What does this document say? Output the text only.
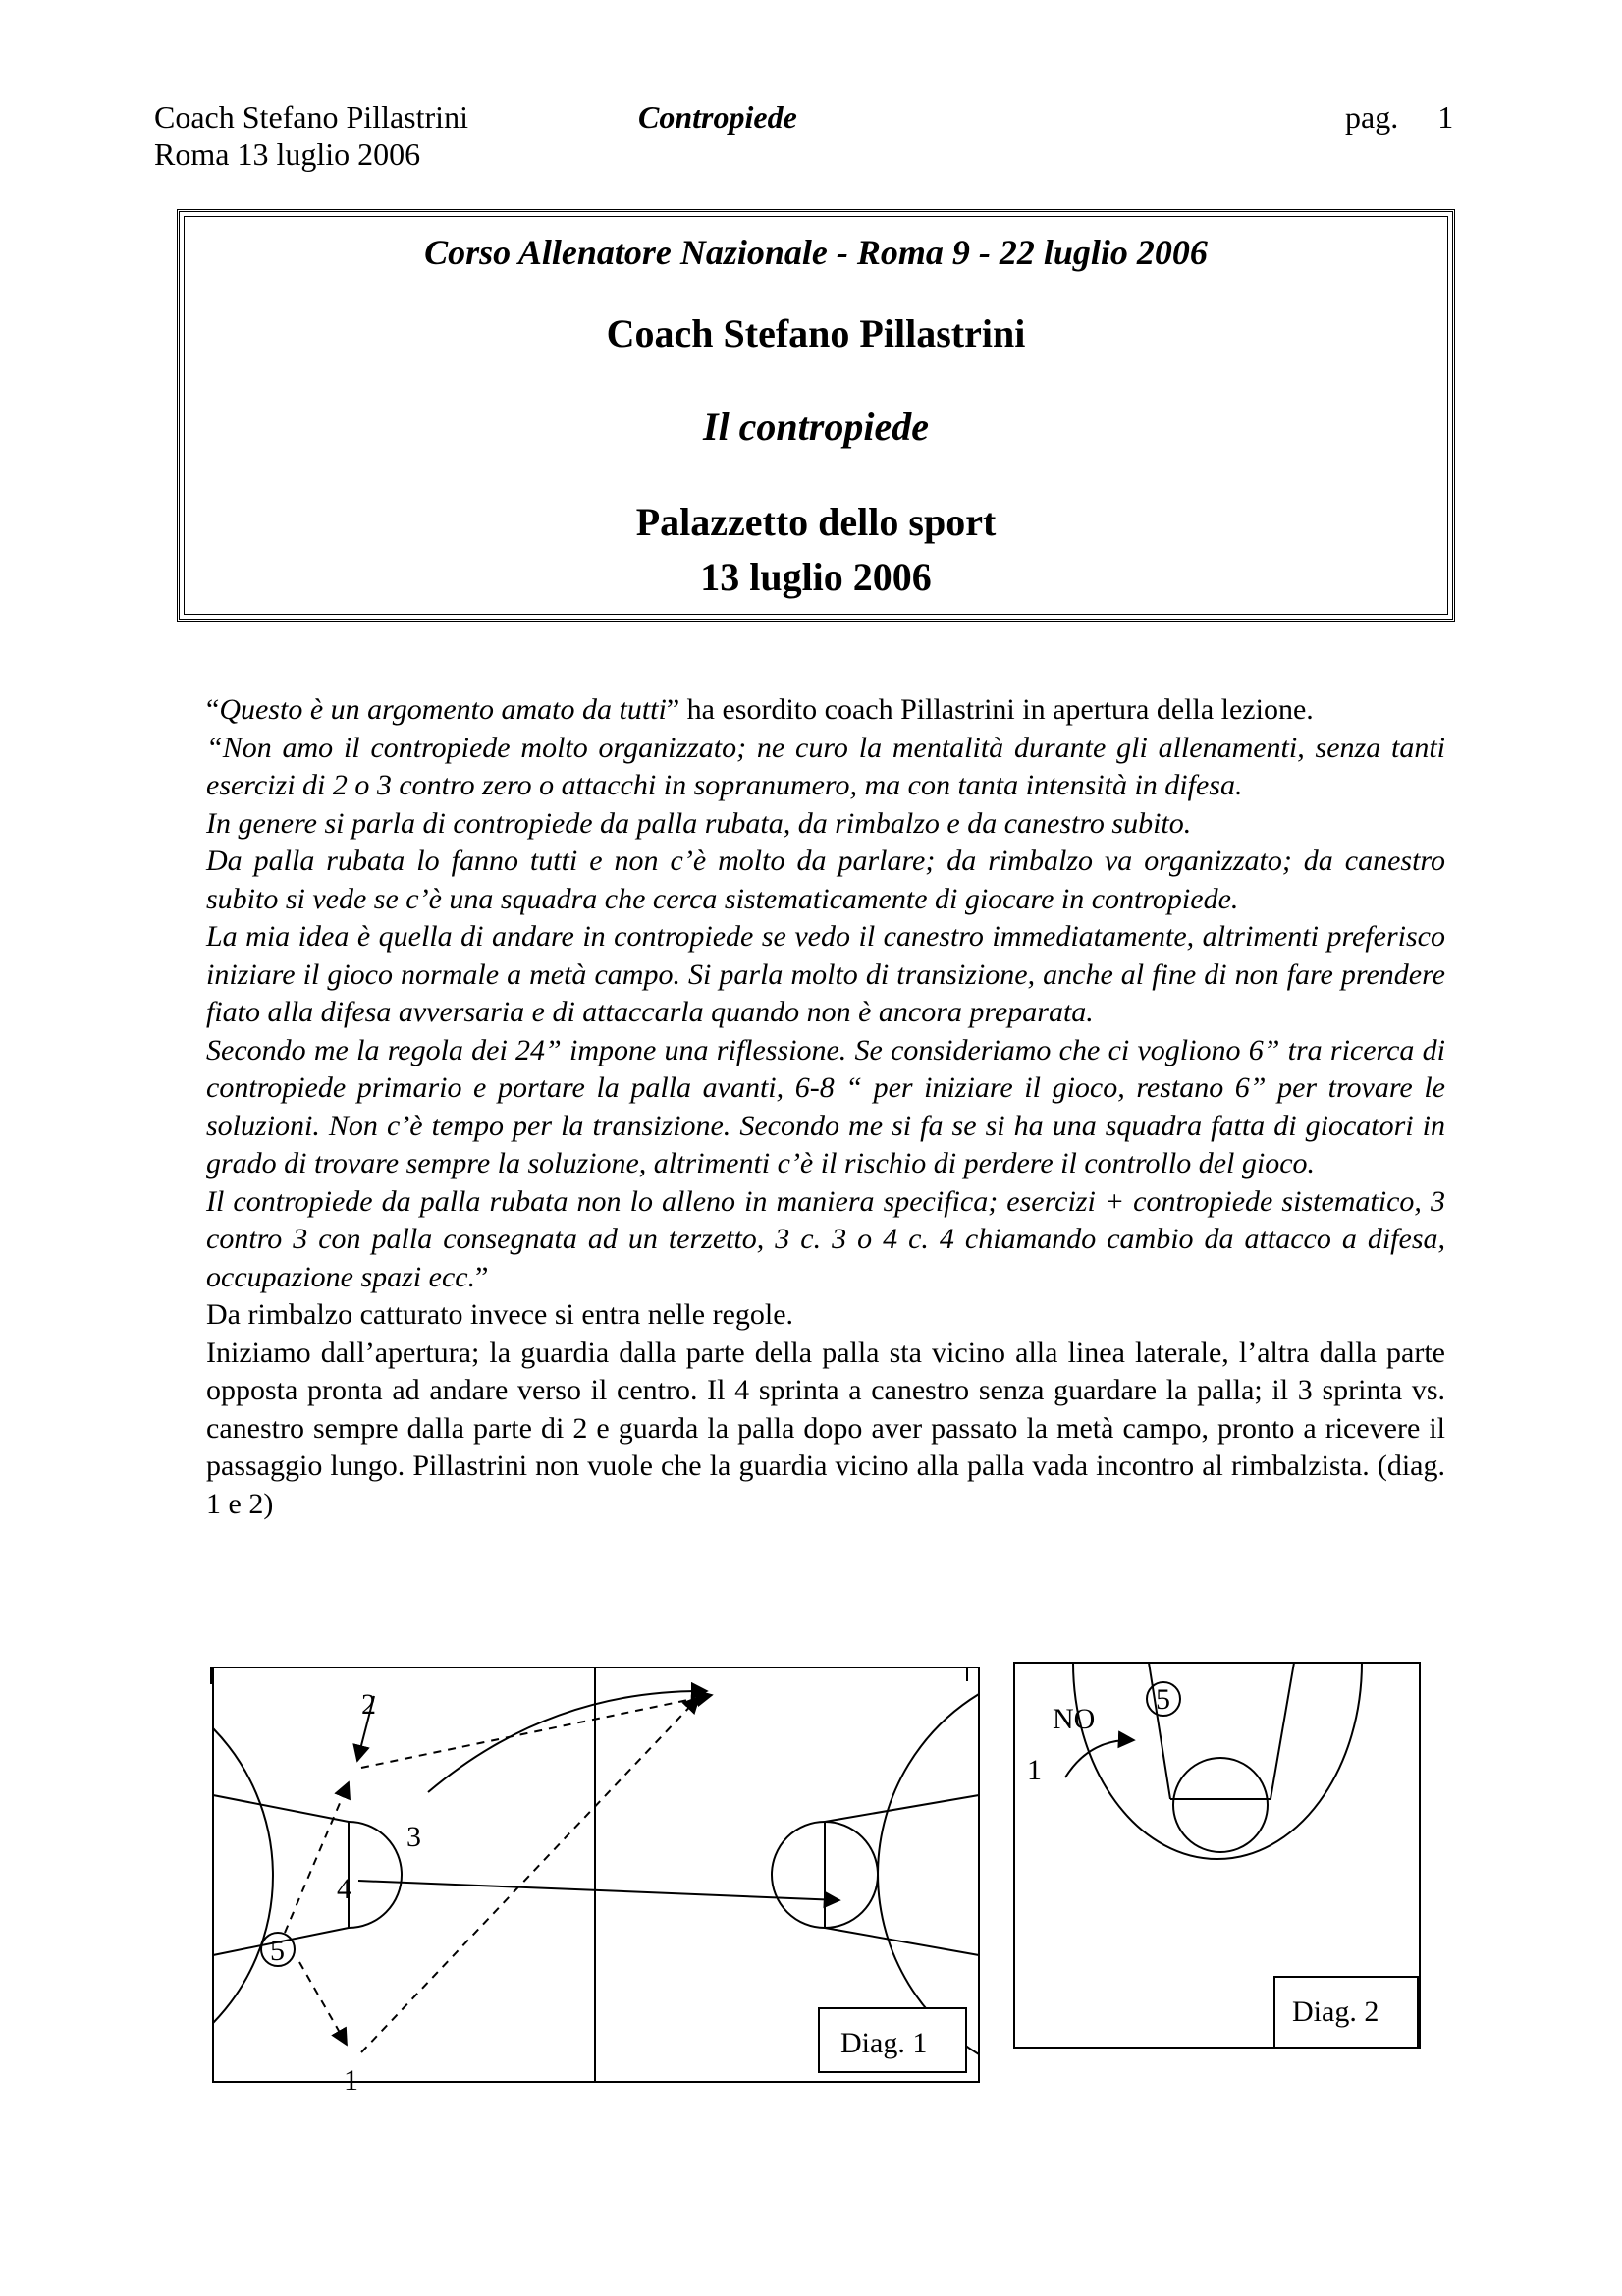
Coach Stefano Pillastrini
Roma 13 luglio 2006
Contropiede	pag. 1
Corso Allenatore Nazionale - Roma 9 - 22 luglio 2006
Coach Stefano Pillastrini
Il contropiede
Palazzetto dello sport
13 luglio 2006

“Questo è un argomento amato da tutti” ha esordito coach Pillastrini in apertura della lezione.

“Non amo il contropiede molto organizzato; ne curo la mentalità durante gli allenamenti, senza tanti esercizi di 2 o 3 contro zero o attacchi in sopranumero, ma con tanta intensità in difesa.

In genere si parla di contropiede da palla rubata, da rimbalzo e da canestro subito.

Da palla rubata lo fanno tutti e non c’è molto da parlare; da rimbalzo va organizzato; da canestro subito si vede se c’è una squadra che cerca sistematicamente di giocare in contropiede.

La mia idea è quella di andare in contropiede se vedo il canestro immediatamente, altrimenti preferisco iniziare il gioco normale a metà campo. Si parla molto di transizione, anche al fine di non fare prendere fiato alla difesa avversaria e di attaccarla quando non è ancora preparata.

Secondo me la regola dei 24” impone una riflessione. Se consideriamo che ci vogliono 6” tra ricerca di contropiede primario e portare la palla avanti, 6-8 “ per iniziare il gioco, restano 6” per trovare le soluzioni. Non c’è tempo per la transizione. Secondo me si fa se si ha una squadra fatta di giocatori in grado di trovare sempre la soluzione, altrimenti c’è il rischio di perdere il controllo del gioco.

Il contropiede da palla rubata non lo alleno in maniera specifica; esercizi + contropiede sistematico, 3 contro 3 con palla consegnata ad un terzetto, 3 c. 3 o 4 c. 4 chiamando cambio da attacco a difesa, occupazione spazi ecc.”

Da rimbalzo catturato invece si entra nelle regole.

Iniziamo dall’apertura; la guardia dalla parte della palla sta vicino alla linea laterale, l’altra dalla parte opposta pronta ad andare verso il centro. Il 4 sprinta a canestro senza guardare la palla; il 3 sprinta vs. canestro sempre dalla parte di 2 e guarda la palla dopo aver passato la metà campo, pronto a ricevere il passaggio lungo. Pillastrini non vuole che la guardia vicino alla palla vada incontro al rimbalzista. (diag. 1 e 2)

2
3
4
5
1
Diag. 1
NO
1
5
Diag. 2
